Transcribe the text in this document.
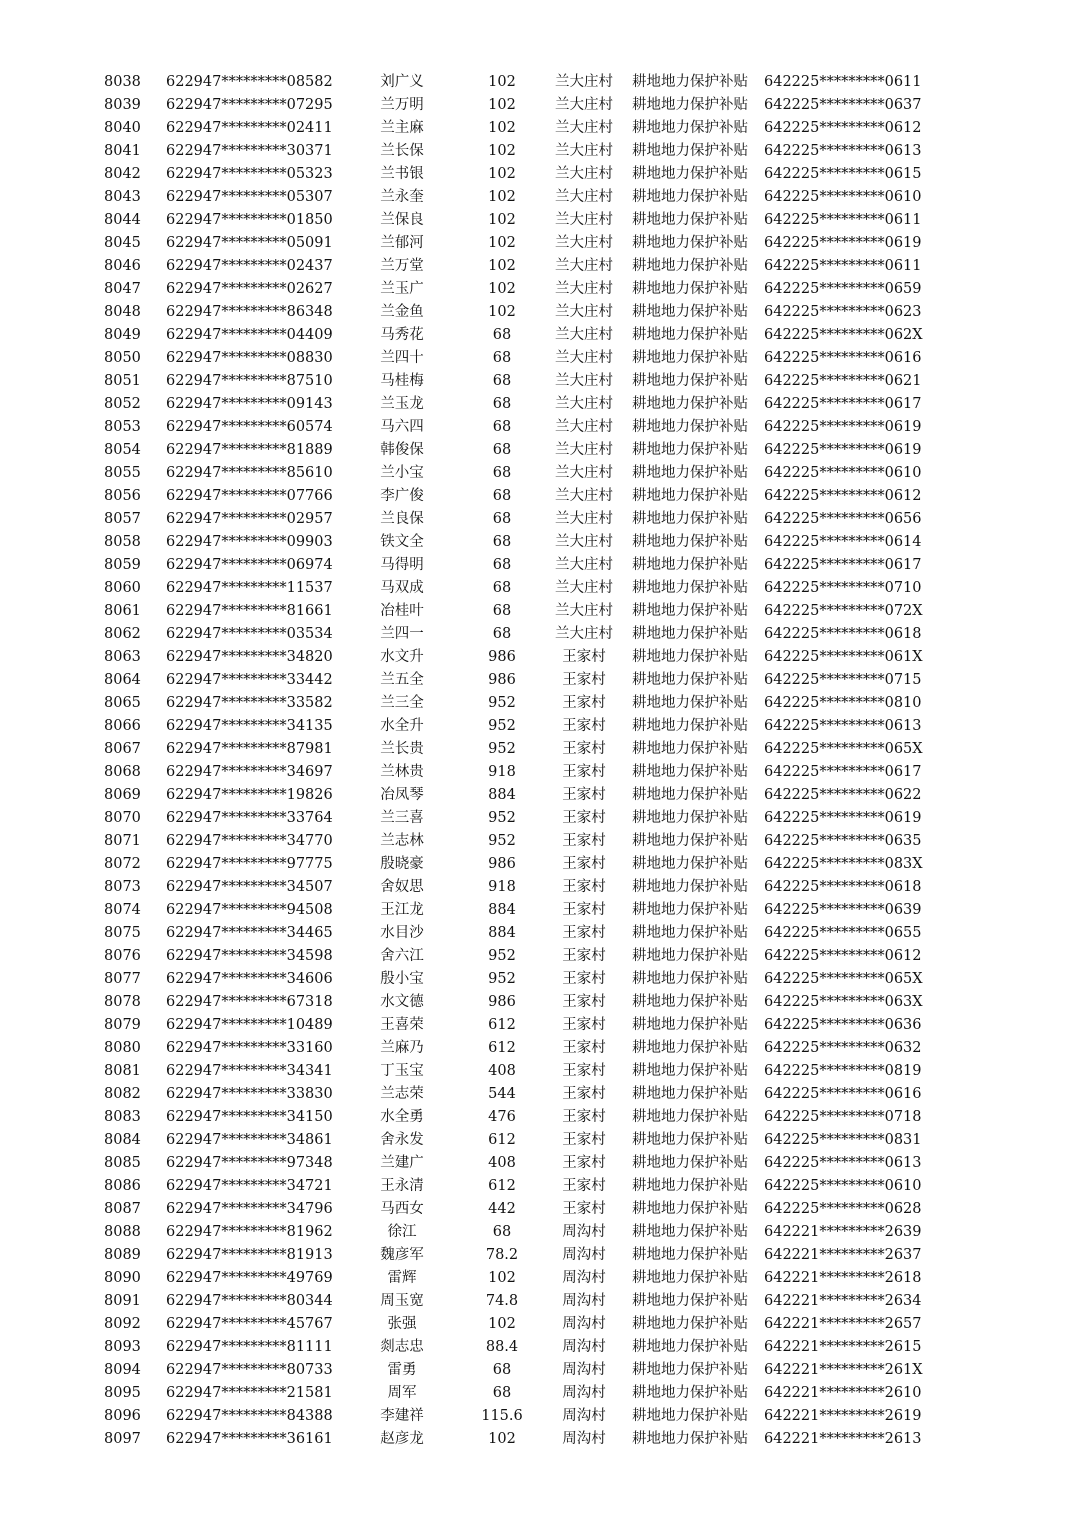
8038	622947*********08582	刘广义	102	兰大庄村	耕地地力保护补贴	642225*********0611
8039	622947*********07295	兰万明	102	兰大庄村	耕地地力保护补贴	642225*********0637
8040	622947*********02411	兰主麻	102	兰大庄村	耕地地力保护补贴	642225*********0612
8041	622947*********30371	兰长保	102	兰大庄村	耕地地力保护补贴	642225*********0613
8042	622947*********05323	兰书银	102	兰大庄村	耕地地力保护补贴	642225*********0615
8043	622947*********05307	兰永奎	102	兰大庄村	耕地地力保护补贴	642225*********0610
8044	622947*********01850	兰保良	102	兰大庄村	耕地地力保护补贴	642225*********0611
8045	622947*********05091	兰郁河	102	兰大庄村	耕地地力保护补贴	642225*********0619
8046	622947*********02437	兰万堂	102	兰大庄村	耕地地力保护补贴	642225*********0611
8047	622947*********02627	兰玉广	102	兰大庄村	耕地地力保护补贴	642225*********0659
8048	622947*********86348	兰金鱼	102	兰大庄村	耕地地力保护补贴	642225*********0623
8049	622947*********04409	马秀花	68	兰大庄村	耕地地力保护补贴	642225*********062X
8050	622947*********08830	兰四十	68	兰大庄村	耕地地力保护补贴	642225*********0616
8051	622947*********87510	马桂梅	68	兰大庄村	耕地地力保护补贴	642225*********0621
8052	622947*********09143	兰玉龙	68	兰大庄村	耕地地力保护补贴	642225*********0617
8053	622947*********60574	马六四	68	兰大庄村	耕地地力保护补贴	642225*********0619
8054	622947*********81889	韩俊保	68	兰大庄村	耕地地力保护补贴	642225*********0619
8055	622947*********85610	兰小宝	68	兰大庄村	耕地地力保护补贴	642225*********0610
8056	622947*********07766	李广俊	68	兰大庄村	耕地地力保护补贴	642225*********0612
8057	622947*********02957	兰良保	68	兰大庄村	耕地地力保护补贴	642225*********0656
8058	622947*********09903	铁文全	68	兰大庄村	耕地地力保护补贴	642225*********0614
8059	622947*********06974	马得明	68	兰大庄村	耕地地力保护补贴	642225*********0617
8060	622947*********11537	马双成	68	兰大庄村	耕地地力保护补贴	642225*********0710
8061	622947*********81661	冶桂叶	68	兰大庄村	耕地地力保护补贴	642225*********072X
8062	622947*********03534	兰四一	68	兰大庄村	耕地地力保护补贴	642225*********0618
8063	622947*********34820	水文升	986	王家村	耕地地力保护补贴	642225*********061X
8064	622947*********33442	兰五全	986	王家村	耕地地力保护补贴	642225*********0715
8065	622947*********33582	兰三全	952	王家村	耕地地力保护补贴	642225*********0810
8066	622947*********34135	水全升	952	王家村	耕地地力保护补贴	642225*********0613
8067	622947*********87981	兰长贵	952	王家村	耕地地力保护补贴	642225*********065X
8068	622947*********34697	兰林贵	918	王家村	耕地地力保护补贴	642225*********0617
8069	622947*********19826	冶凤琴	884	王家村	耕地地力保护补贴	642225*********0622
8070	622947*********33764	兰三喜	952	王家村	耕地地力保护补贴	642225*********0619
8071	622947*********34770	兰志林	952	王家村	耕地地力保护补贴	642225*********0635
8072	622947*********97775	殷晓豪	986	王家村	耕地地力保护补贴	642225*********083X
8073	622947*********34507	舍奴思	918	王家村	耕地地力保护补贴	642225*********0618
8074	622947*********94508	王江龙	884	王家村	耕地地力保护补贴	642225*********0639
8075	622947*********34465	水目沙	884	王家村	耕地地力保护补贴	642225*********0655
8076	622947*********34598	舍六江	952	王家村	耕地地力保护补贴	642225*********0612
8077	622947*********34606	殷小宝	952	王家村	耕地地力保护补贴	642225*********065X
8078	622947*********67318	水文德	986	王家村	耕地地力保护补贴	642225*********063X
8079	622947*********10489	王喜荣	612	王家村	耕地地力保护补贴	642225*********0636
8080	622947*********33160	兰麻乃	612	王家村	耕地地力保护补贴	642225*********0632
8081	622947*********34341	丁玉宝	408	王家村	耕地地力保护补贴	642225*********0819
8082	622947*********33830	兰志荣	544	王家村	耕地地力保护补贴	642225*********0616
8083	622947*********34150	水全勇	476	王家村	耕地地力保护补贴	642225*********0718
8084	622947*********34861	舍永发	612	王家村	耕地地力保护补贴	642225*********0831
8085	622947*********97348	兰建广	408	王家村	耕地地力保护补贴	642225*********0613
8086	622947*********34721	王永清	612	王家村	耕地地力保护补贴	642225*********0610
8087	622947*********34796	马西女	442	王家村	耕地地力保护补贴	642225*********0628
8088	622947*********81962	徐江	68	周沟村	耕地地力保护补贴	642221*********2639
8089	622947*********81913	魏彦军	78.2	周沟村	耕地地力保护补贴	642221*********2637
8090	622947*********49769	雷辉	102	周沟村	耕地地力保护补贴	642221*********2618
8091	622947*********80344	周玉宽	74.8	周沟村	耕地地力保护补贴	642221*********2634
8092	622947*********45767	张强	102	周沟村	耕地地力保护补贴	642221*********2657
8093	622947*********81111	剡志忠	88.4	周沟村	耕地地力保护补贴	642221*********2615
8094	622947*********80733	雷勇	68	周沟村	耕地地力保护补贴	642221*********261X
8095	622947*********21581	周军	68	周沟村	耕地地力保护补贴	642221*********2610
8096	622947*********84388	李建祥	115.6	周沟村	耕地地力保护补贴	642221*********2619
8097	622947*********36161	赵彦龙	102	周沟村	耕地地力保护补贴	642221*********2613
